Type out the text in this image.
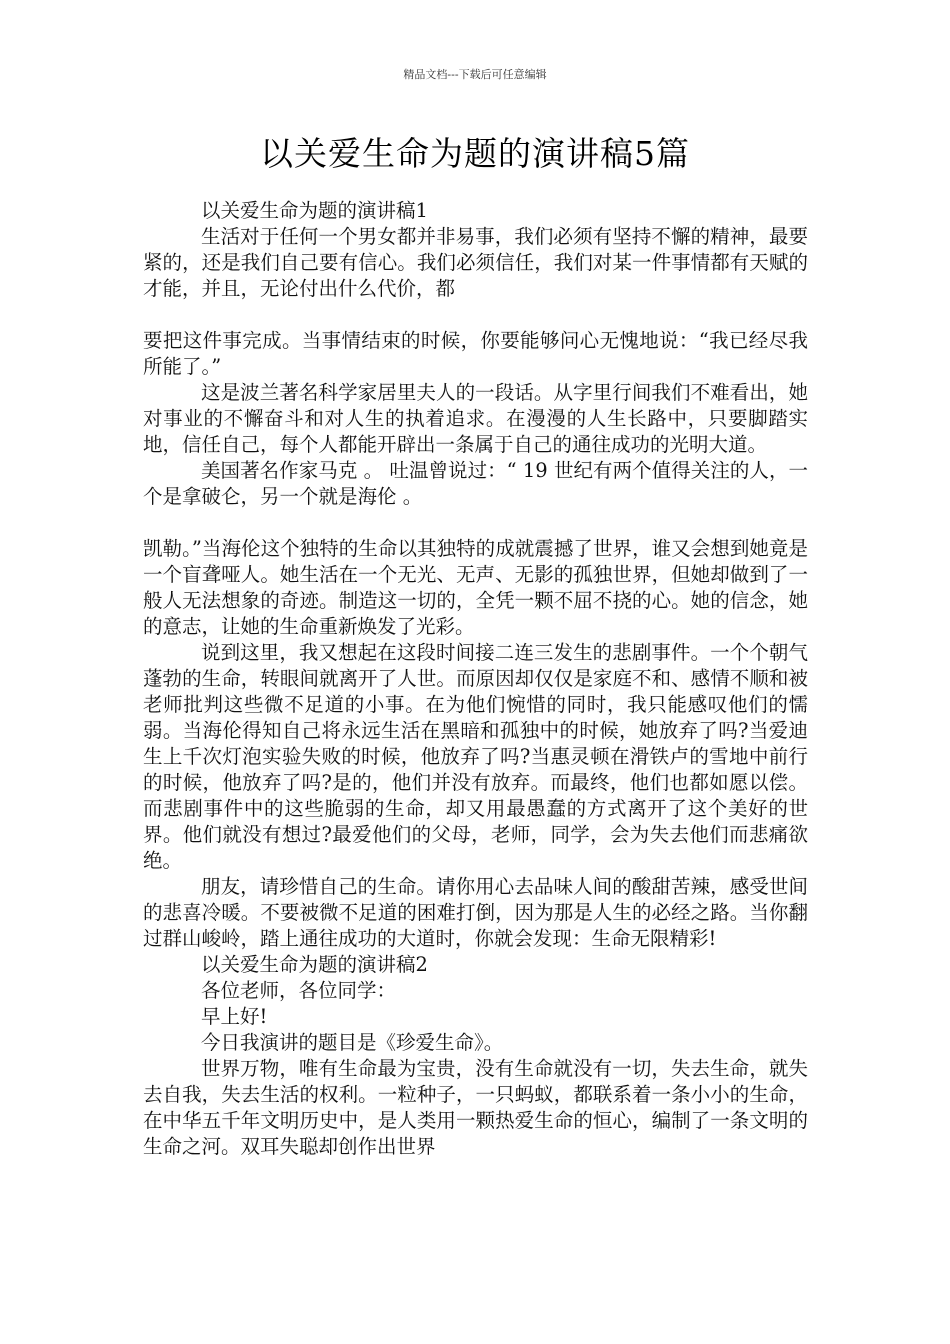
精品文档---下载后可任意编辑
以关爱生命为题的演讲稿5篇

以关爱生命为题的演讲稿1

生活对于任何一个男女都并非易事，我们必须有坚持不懈的精神，最要紧的，还是我们自己要有信心。我们必须信任，我们对某一件事情都有天赋的才能，并且，无论付出什么代价，都

要把这件事完成。当事情结束的时候，你要能够问心无愧地说：“我已经尽我所能了。”

这是波兰著名科学家居里夫人的一段话。从字里行间我们不难看出，她对事业的不懈奋斗和对人生的执着追求。在漫漫的人生长路中，只要脚踏实地，信任自己，每个人都能开辟出一条属于自己的通往成功的光明大道。

美国著名作家马克 。 吐温曾说过：“ 19 世纪有两个值得关注的人，一个是拿破仑，另一个就是海伦 。

凯勒。”当海伦这个独特的生命以其独特的成就震撼了世界，谁又会想到她竟是一个盲聋哑人。她生活在一个无光、无声、无影的孤独世界，但她却做到了一般人无法想象的奇迹。制造这一切的，全凭一颗不屈不挠的心。她的信念，她的意志，让她的生命重新焕发了光彩。

说到这里，我又想起在这段时间接二连三发生的悲剧事件。一个个朝气蓬勃的生命，转眼间就离开了人世。而原因却仅仅是家庭不和、感情不顺和被老师批判这些微不足道的小事。在为他们惋惜的同时，我只能感叹他们的懦弱。当海伦得知自己将永远生活在黑暗和孤独中的时候，她放弃了吗?当爱迪生上千次灯泡实验失败的时候，他放弃了吗?当惠灵顿在滑铁卢的雪地中前行的时候，他放弃了吗?是的，他们并没有放弃。而最终，他们也都如愿以偿。而悲剧事件中的这些脆弱的生命，却又用最愚蠢的方式离开了这个美好的世界。他们就没有想过?最爱他们的父母，老师，同学，会为失去他们而悲痛欲绝。

朋友，请珍惜自己的生命。请你用心去品味人间的酸甜苦辣，感受世间的悲喜冷暖。不要被微不足道的困难打倒，因为那是人生的必经之路。当你翻过群山峻岭，踏上通往成功的大道时，你就会发现：生命无限精彩!

以关爱生命为题的演讲稿2

各位老师，各位同学：

早上好!

今日我演讲的题目是《珍爱生命》。

世界万物，唯有生命最为宝贵，没有生命就没有一切，失去生命，就失去自我，失去生活的权利。一粒种子，一只蚂蚁，都联系着一条小小的生命，在中华五千年文明历史中，是人类用一颗热爱生命的恒心，编制了一条文明的生命之河。双耳失聪却创作出世界
